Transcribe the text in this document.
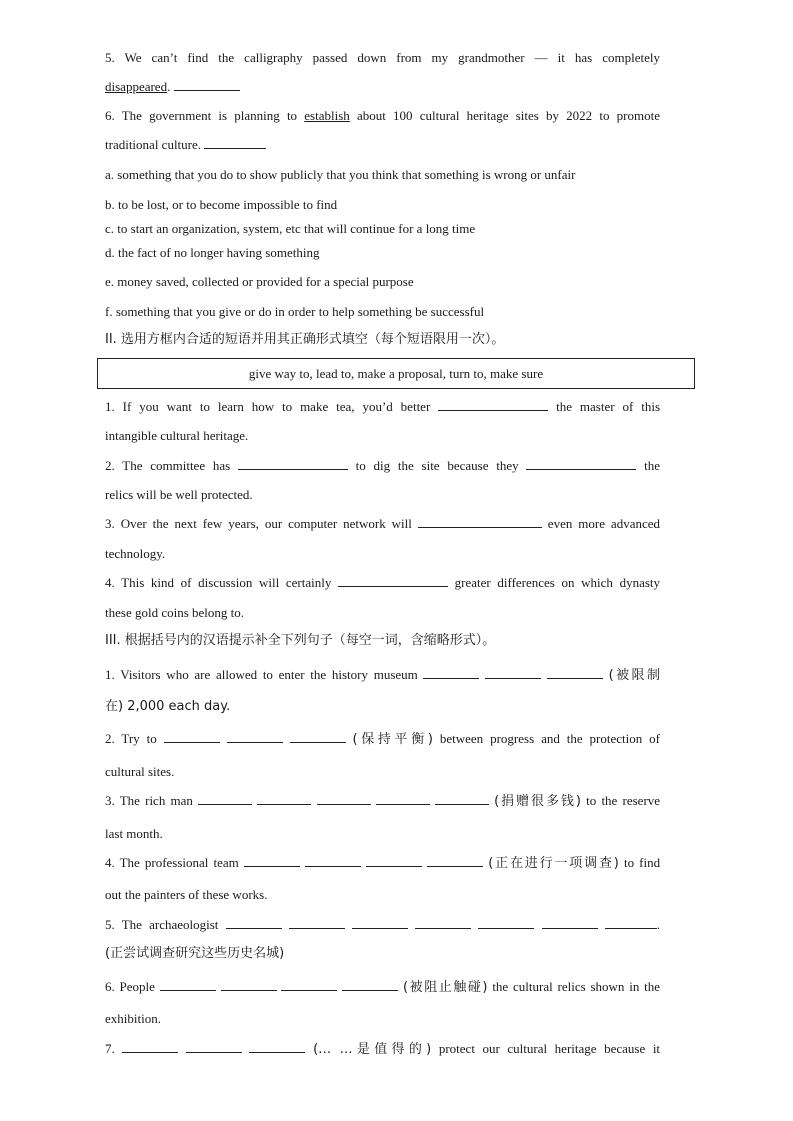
5. We can’t find the calligraphy passed down from my grandmother — it has completely
disappeared.
6. The government is planning to establish about 100 cultural heritage sites by 2022 to promote
traditional culture.
a. something that you do to show publicly that you think that something is wrong or unfair
b. to be lost, or to become impossible to find
c. to start an organization, system, etc that will continue for a long time
d. the fact of no longer having something
e. money saved, collected or provided for a special purpose
f. something that you give or do in order to help something be successful
II. 选用方框内合适的短语并用其正确形式填空（每个短语限用一次）。
give way to, lead to, make a proposal, turn to, make sure
1. If you want to learn how to make tea, you’d better	the master of this
intangible cultural heritage.
2. The committee has	to dig the site because they	the
relics will be well protected.
3. Over the next few years, our computer network will	even more advanced
technology.
4. This kind of discussion will certainly	greater differences on which dynasty
these gold coins belong to.
III. 根据括号内的汉语提示补全下列句子（每空一词，含缩略形式）。
1. Visitors who are allowed to enter the history museum	(被限制
在) 2,000 each day.
2. Try to	(保持平衡) between progress and the protection of
cultural sites.
3. The rich man	(捐赠很多钱) to the reserve
last month.
4. The professional team	(正在进行一项调查) to find
out the painters of these works.
5. The archaeologist	.
(正尝试调查研究这些历史名城)
6. People	(被阻止触碰) the cultural relics shown in the
exhibition.
7.	(… …是值得的) protect our cultural heritage because it
